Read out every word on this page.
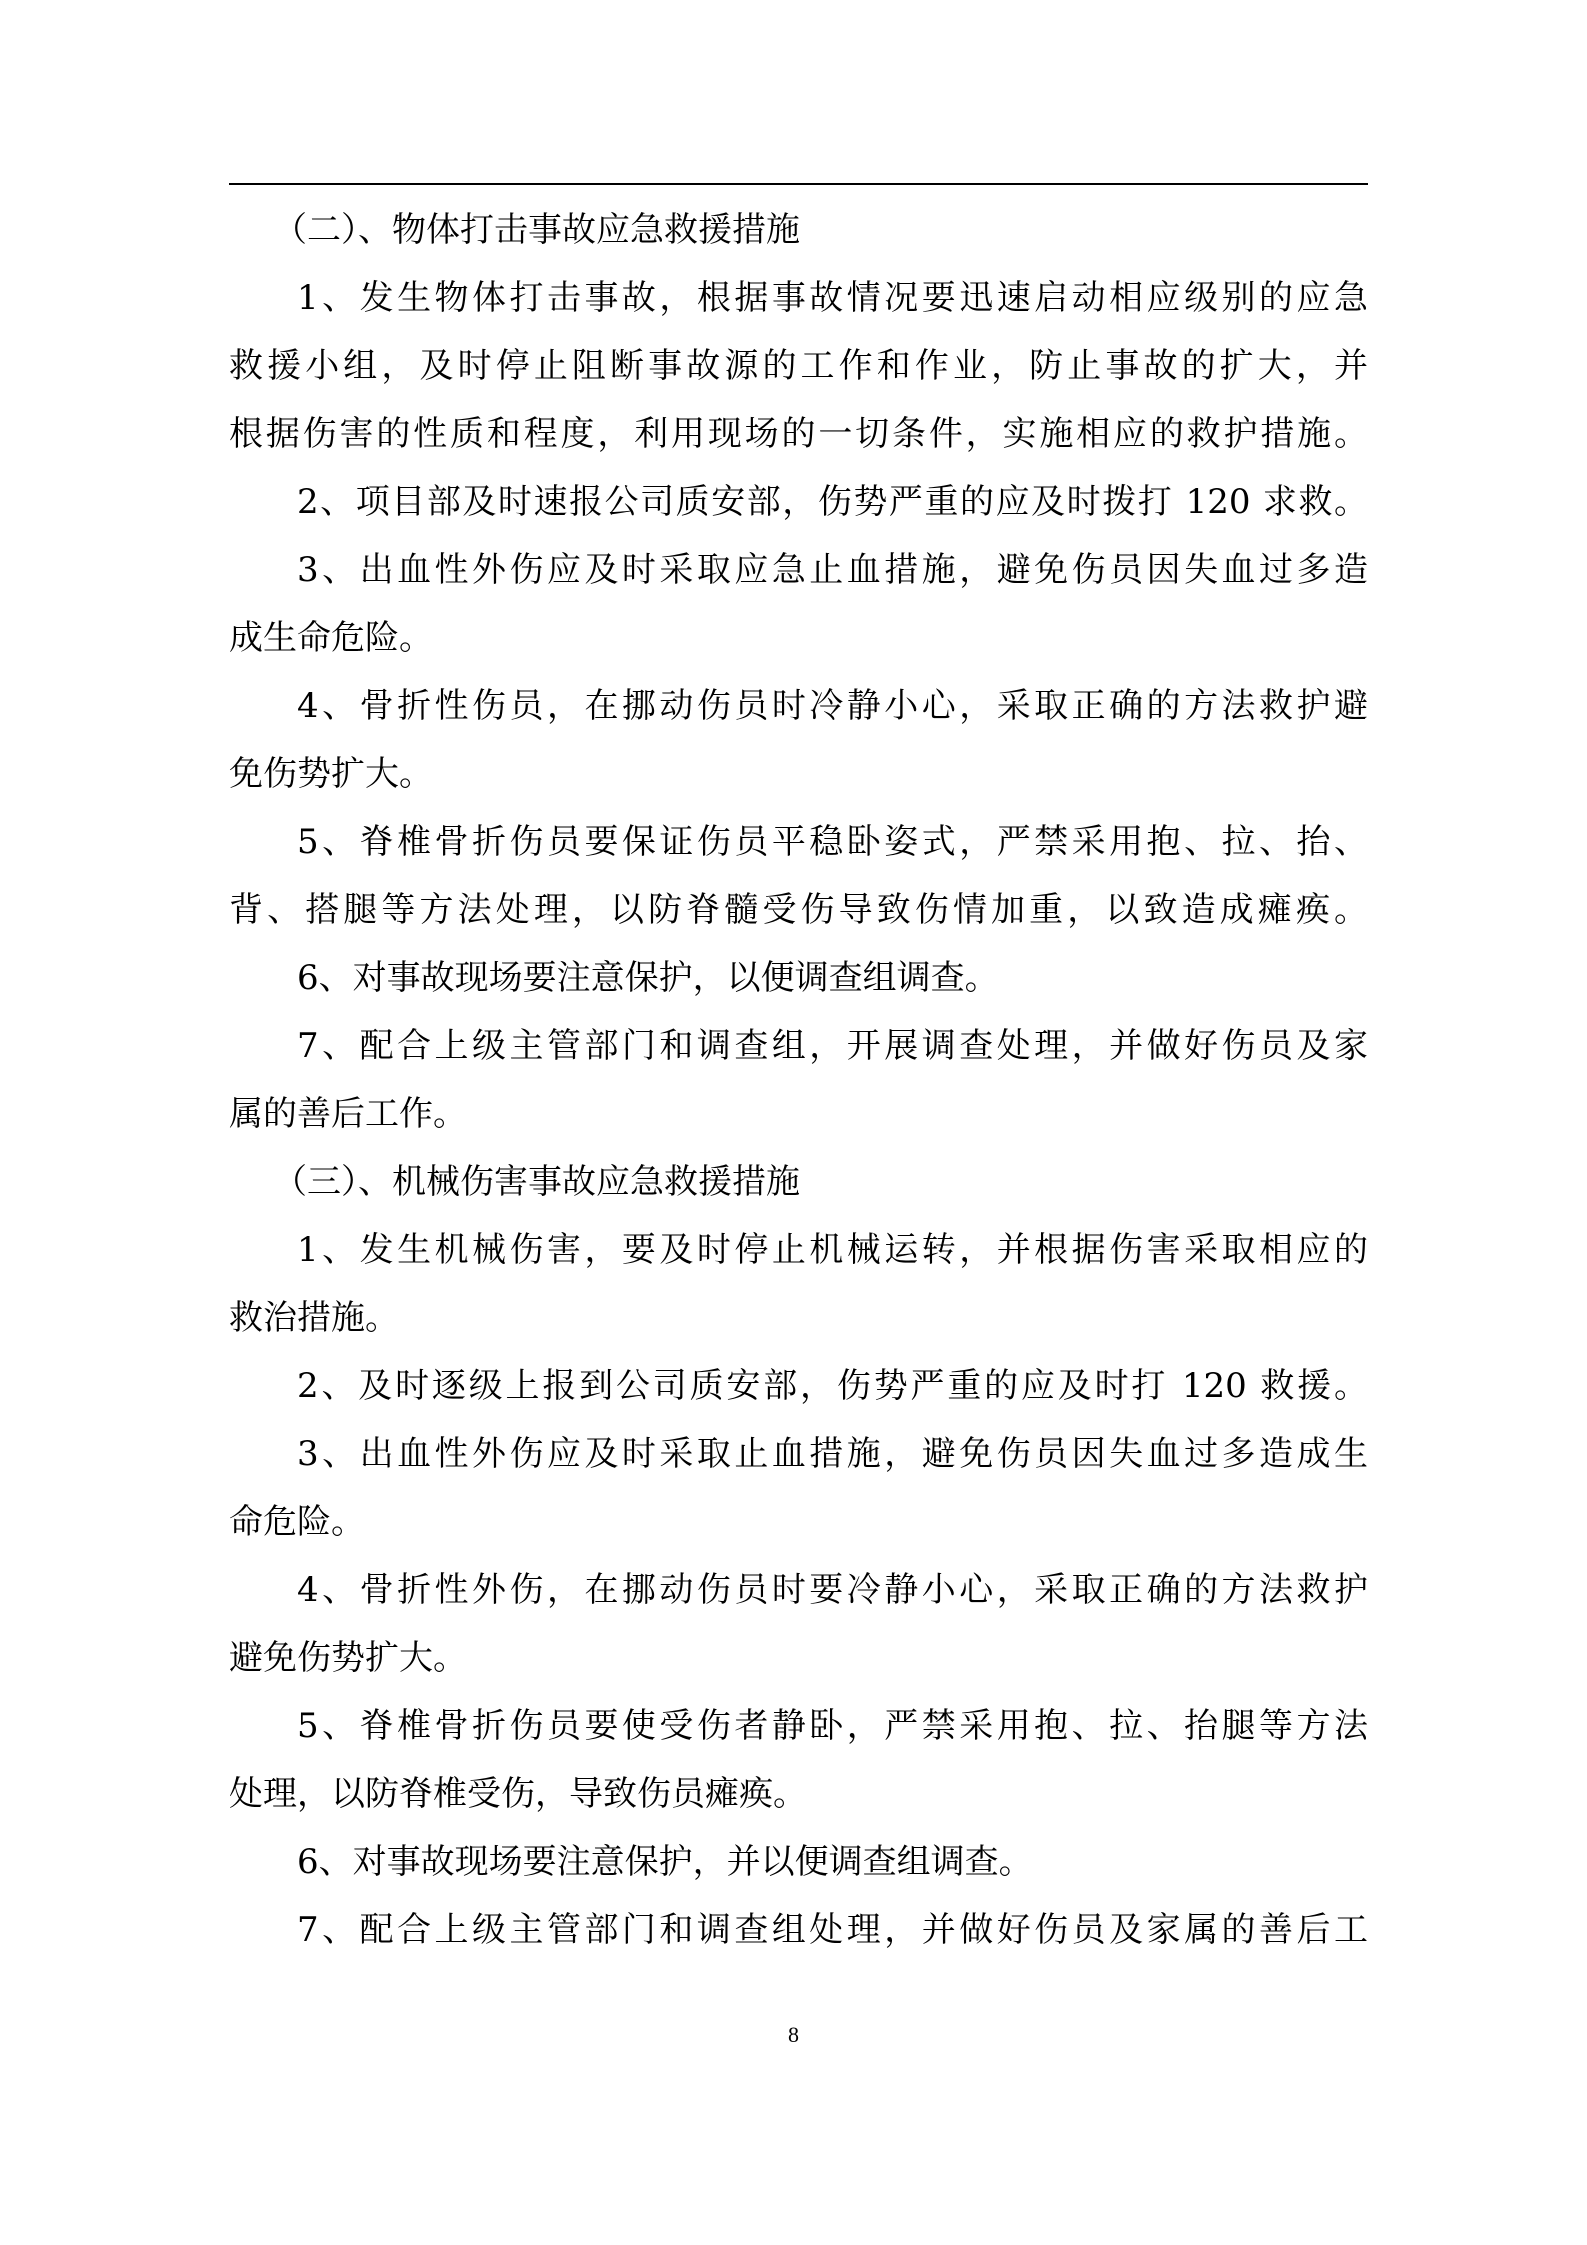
（二）、物体打击事故应急救援措施
1、发生物体打击事故，根据事故情况要迅速启动相应级别的应急
救援小组，及时停止阻断事故源的工作和作业，防止事故的扩大，并
根据伤害的性质和程度，利用现场的一切条件，实施相应的救护措施。
2、项目部及时速报公司质安部，伤势严重的应及时拨打 120 求救。
3、出血性外伤应及时采取应急止血措施，避免伤员因失血过多造
成生命危险。
4、骨折性伤员，在挪动伤员时冷静小心，采取正确的方法救护避
免伤势扩大。
5、脊椎骨折伤员要保证伤员平稳卧姿式，严禁采用抱、拉、抬、
背、搭腿等方法处理，以防脊髓受伤导致伤情加重，以致造成瘫痪。
6、对事故现场要注意保护，以便调查组调查。
7、配合上级主管部门和调查组，开展调查处理，并做好伤员及家
属的善后工作。
（三）、机械伤害事故应急救援措施
1、发生机械伤害，要及时停止机械运转，并根据伤害采取相应的
救治措施。
2、及时逐级上报到公司质安部，伤势严重的应及时打 120 救援。
3、出血性外伤应及时采取止血措施，避免伤员因失血过多造成生
命危险。
4、骨折性外伤，在挪动伤员时要冷静小心，采取正确的方法救护
避免伤势扩大。
5、脊椎骨折伤员要使受伤者静卧，严禁采用抱、拉、抬腿等方法
处理，以防脊椎受伤，导致伤员瘫痪。
6、对事故现场要注意保护，并以便调查组调查。
7、配合上级主管部门和调查组处理，并做好伤员及家属的善后工
8
